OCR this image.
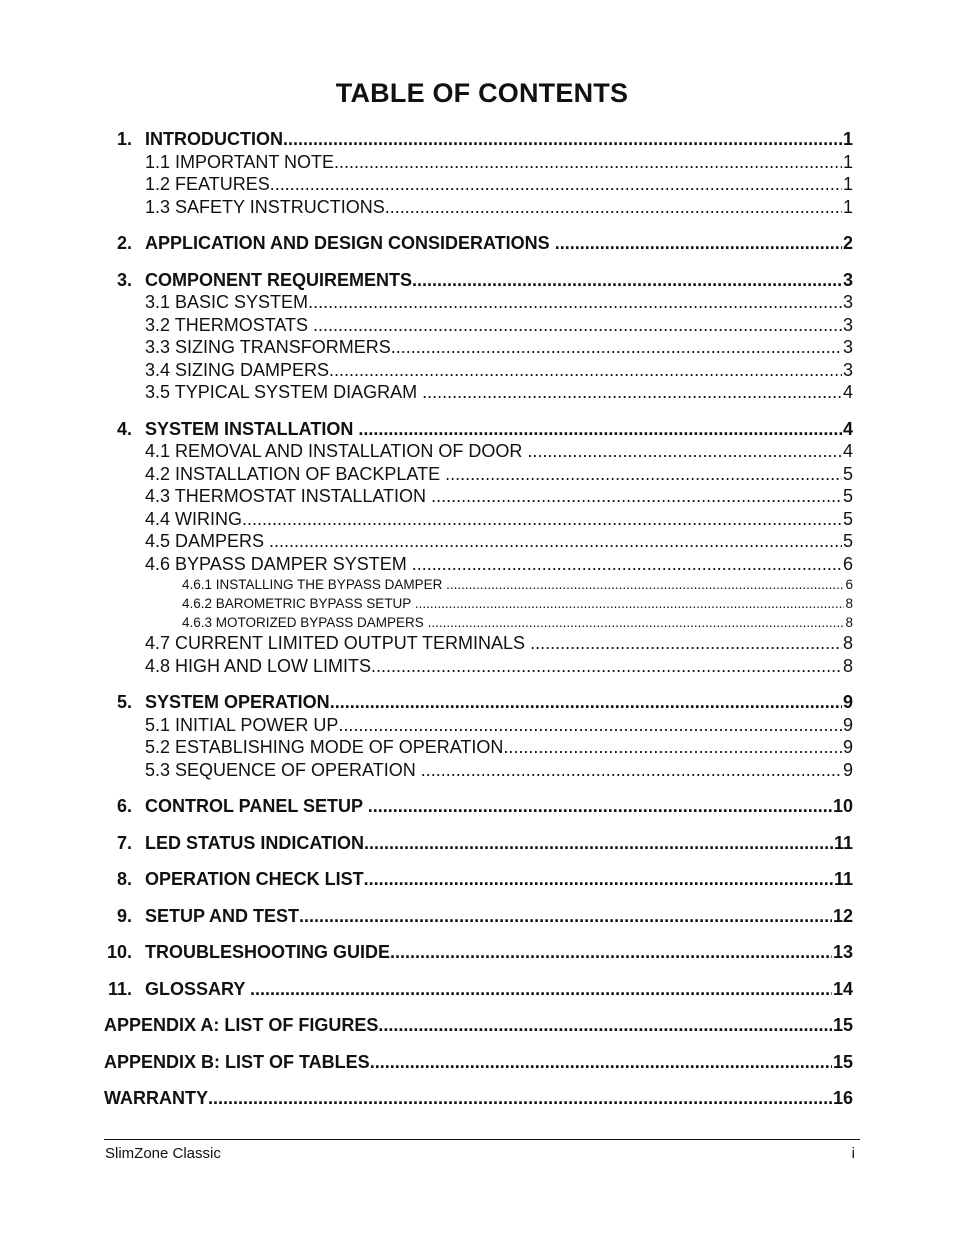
TABLE OF CONTENTS
1. INTRODUCTION .....	1
1.1 IMPORTANT NOTE .....	1
1.2 FEATURES .....	1
1.3 SAFETY INSTRUCTIONS .....	1
2. APPLICATION AND DESIGN CONSIDERATIONS .....	2
3. COMPONENT REQUIREMENTS .....	3
3.1 BASIC SYSTEM .....	3
3.2 THERMOSTATS .....	3
3.3 SIZING TRANSFORMERS .....	3
3.4 SIZING DAMPERS .....	3
3.5 TYPICAL SYSTEM DIAGRAM .....	4
4. SYSTEM INSTALLATION .....	4
4.1 REMOVAL AND INSTALLATION OF DOOR .....	4
4.2 INSTALLATION OF BACKPLATE .....	5
4.3 THERMOSTAT INSTALLATION .....	5
4.4 WIRING .....	5
4.5 DAMPERS .....	5
4.6 BYPASS DAMPER SYSTEM .....	6
4.6.1 INSTALLING THE BYPASS DAMPER .....	6
4.6.2 BAROMETRIC BYPASS SETUP .....	8
4.6.3 MOTORIZED BYPASS DAMPERS .....	8
4.7 CURRENT LIMITED OUTPUT TERMINALS .....	8
4.8 HIGH AND LOW LIMITS .....	8
5. SYSTEM OPERATION .....	9
5.1 INITIAL POWER UP .....	9
5.2 ESTABLISHING MODE OF OPERATION .....	9
5.3 SEQUENCE OF OPERATION .....	9
6. CONTROL PANEL SETUP .....	10
7. LED STATUS INDICATION .....	11
8. OPERATION CHECK LIST .....	11
9. SETUP AND TEST .....	12
10. TROUBLESHOOTING GUIDE .....	13
11. GLOSSARY .....	14
APPENDIX A: LIST OF FIGURES .....	15
APPENDIX B: LIST OF TABLES .....	15
WARRANTY .....	16
SlimZone Classic	i
